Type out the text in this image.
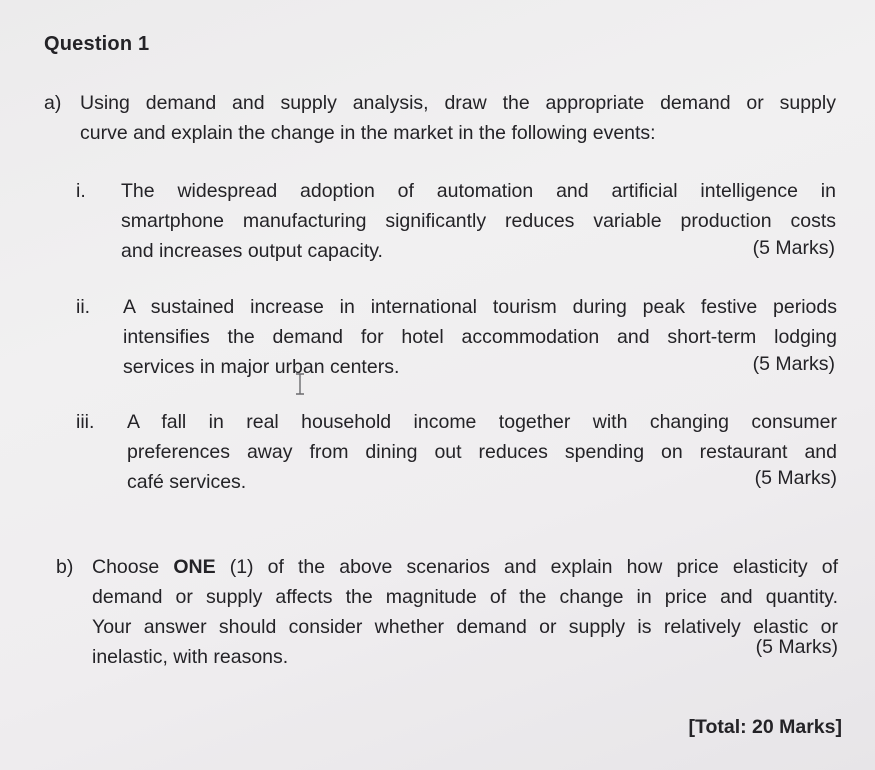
Question 1
a) Using demand and supply analysis, draw the appropriate demand or supply
curve and explain the change in the market in the following events:
i. The widespread adoption of automation and artificial intelligence in
smartphone manufacturing significantly reduces variable production costs
and increases output capacity.	(5 Marks)
ii. A sustained increase in international tourism during peak festive periods
intensifies the demand for hotel accommodation and short-term lodging
services in major urban centers.	(5 Marks)
iii. A fall in real household income together with changing consumer
preferences away from dining out reduces spending on restaurant and
café services.	(5 Marks)
b) Choose ONE (1) of the above scenarios and explain how price elasticity of
demand or supply affects the magnitude of the change in price and quantity.
Your answer should consider whether demand or supply is relatively elastic or
inelastic, with reasons.	(5 Marks)
[Total: 20 Marks]
